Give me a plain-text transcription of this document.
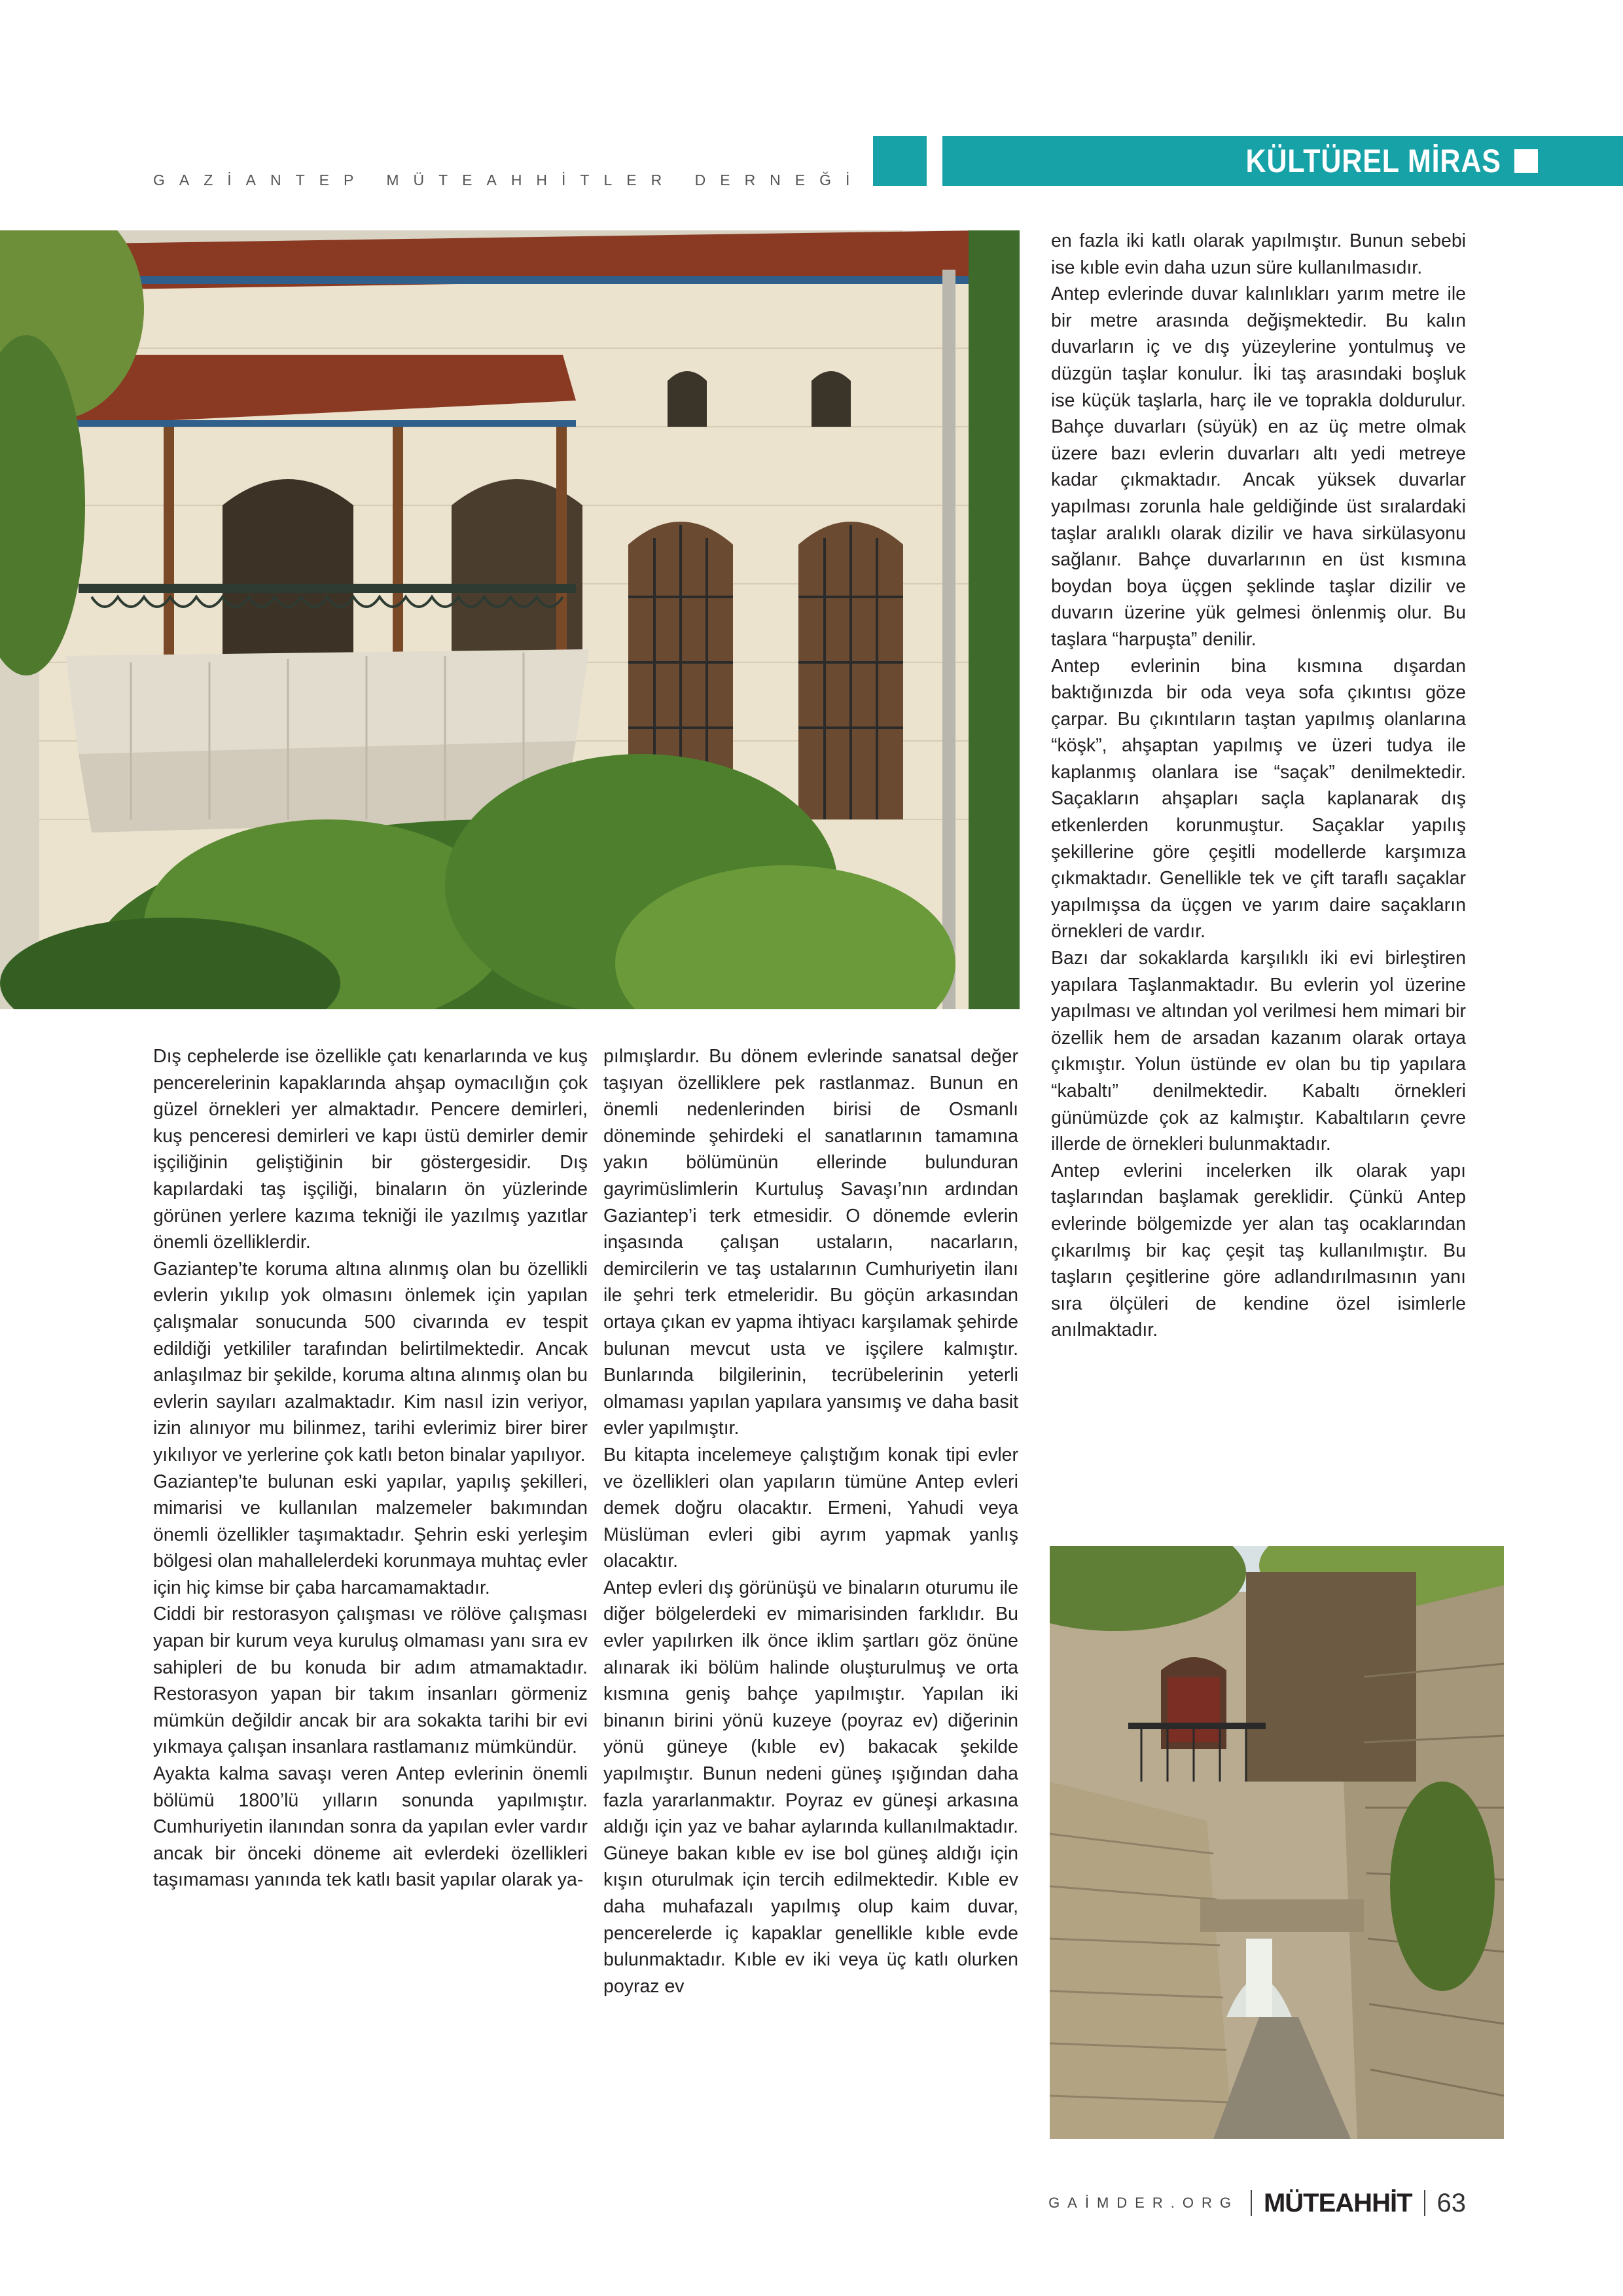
GAZİANTEP MÜTEAHHİTLER DERNEĞİ
KÜLTÜREL MİRAS

Dış cephelerde ise özellikle çatı kenarlarında ve kuş pencerelerinin kapaklarında ahşap oymacılığın çok güzel örnekleri yer almaktadır. Pencere demirleri, kuş penceresi demirleri ve kapı üstü demirler demir işçiliğinin geliştiğinin bir göstergesidir. Dış kapılardaki taş işçiliği, binaların ön yüzlerinde görünen yerlere kazıma tekniği ile yazılmış yazıtlar önemli özelliklerdir.

Gaziantep’te koruma altına alınmış olan bu özellikli evlerin yıkılıp yok olmasını önlemek için yapılan çalışmalar sonucunda 500 civarında ev tespit edildiği yetkililer tarafından belirtilmektedir. Ancak anlaşılmaz bir şekilde, koruma altına alınmış olan bu evlerin sayıları azalmaktadır. Kim nasıl izin veriyor, izin alınıyor mu bilinmez, tarihi evlerimiz birer birer yıkılıyor ve yerlerine çok katlı beton binalar yapılıyor.

Gaziantep’te bulunan eski yapılar, yapılış şekilleri, mimarisi ve kullanılan malzemeler bakımından önemli özellikler taşımaktadır. Şehrin eski yerleşim bölgesi olan mahallelerdeki korunmaya muhtaç evler için hiç kimse bir çaba harcamamaktadır.

Ciddi bir restorasyon çalışması ve rölöve çalışması yapan bir kurum veya kuruluş olmaması yanı sıra ev sahipleri de bu konuda bir adım atmamaktadır. Restorasyon yapan bir takım insanları görmeniz mümkün değildir ancak bir ara sokakta tarihi bir evi yıkmaya çalışan insanlara rastlamanız mümkündür.

Ayakta kalma savaşı veren Antep evlerinin önemli bölümü 1800’lü yılların sonunda yapılmıştır. Cumhuriyetin ilanından sonra da yapılan evler vardır ancak bir önceki döneme ait evlerdeki özellikleri taşımaması yanında tek katlı basit yapılar olarak ya-

pılmışlardır. Bu dönem evlerinde sanatsal değer taşıyan özelliklere pek rastlanmaz. Bunun en önemli nedenlerinden birisi de Osmanlı döneminde şehirdeki el sanatlarının tamamına yakın bölümünün ellerinde bulunduran gayrimüslimlerin Kurtuluş Savaşı’nın ardından Gaziantep’i terk etmesidir. O dönemde evlerin inşasında çalışan ustaların, nacarların, demircilerin ve taş ustalarının Cumhuriyetin ilanı ile şehri terk etmeleridir. Bu göçün arkasından ortaya çıkan ev yapma ihtiyacı karşılamak şehirde bulunan mevcut usta ve işçilere kalmıştır. Bunlarında bilgilerinin, tecrübelerinin yeterli olmaması yapılan yapılara yansımış ve daha basit evler yapılmıştır.

Bu kitapta incelemeye çalıştığım konak tipi evler ve özellikleri olan yapıların tümüne Antep evleri demek doğru olacaktır. Ermeni, Yahudi veya Müslüman evleri gibi ayrım yapmak yanlış olacaktır.

Antep evleri dış görünüşü ve binaların oturumu ile diğer bölgelerdeki ev mimarisinden farklıdır. Bu evler yapılırken ilk önce iklim şartları göz önüne alınarak iki bölüm halinde oluşturulmuş ve orta kısmına geniş bahçe yapılmıştır. Yapılan iki binanın birini yönü kuzeye (poyraz ev) diğerinin yönü güneye (kıble ev) bakacak şekilde yapılmıştır. Bunun nedeni güneş ışığından daha fazla yararlanmaktır. Poyraz ev güneşi arkasına aldığı için yaz ve bahar aylarında kullanılmaktadır. Güneye bakan kıble ev ise bol güneş aldığı için kışın oturulmak için tercih edilmektedir. Kıble ev daha muhafazalı yapılmış olup kaim duvar, pencerelerde iç kapaklar genellikle kıble evde bulunmaktadır. Kıble ev iki veya üç katlı olurken poyraz ev

en fazla iki katlı olarak yapılmıştır. Bunun sebebi ise kıble evin daha uzun süre kullanılmasıdır.

Antep evlerinde duvar kalınlıkları yarım metre ile bir metre arasında değişmektedir. Bu kalın duvarların iç ve dış yüzeylerine yontulmuş ve düzgün taşlar konulur. İki taş arasındaki boşluk ise küçük taşlarla, harç ile ve toprakla doldurulur. Bahçe duvarları (süyük) en az üç metre olmak üzere bazı evlerin duvarları altı yedi metreye kadar çıkmaktadır. Ancak yüksek duvarlar yapılması zorunla hale geldiğinde üst sıralardaki taşlar aralıklı olarak dizilir ve hava sirkülasyonu sağlanır. Bahçe duvarlarının en üst kısmına boydan boya üçgen şeklinde taşlar dizilir ve duvarın üzerine yük gelmesi önlenmiş olur. Bu taşlara “harpuşta” denilir.

Antep evlerinin bina kısmına dışardan baktığınızda bir oda veya sofa çıkıntısı göze çarpar. Bu çıkıntıların taştan yapılmış olanlarına “köşk”, ahşaptan yapılmış ve üzeri tudya ile kaplanmış olanlara ise “saçak” denilmektedir. Saçakların ahşapları saçla kaplanarak dış etkenlerden korunmuştur. Saçaklar yapılış şekillerine göre çeşitli modellerde karşımıza çıkmaktadır. Genellikle tek ve çift taraflı saçaklar yapılmışsa da üçgen ve yarım daire saçakların örnekleri de vardır.

Bazı dar sokaklarda karşılıklı iki evi birleştiren yapılara Taşlanmaktadır. Bu evlerin yol üzerine yapılması ve altından yol verilmesi hem mimari bir özellik hem de arsadan kazanım olarak ortaya çıkmıştır. Yolun üstünde ev olan bu tip yapılara “kabaltı” denilmektedir. Kabaltı örnekleri günümüzde çok az kalmıştır. Kabaltıların çevre illerde de örnekleri bulunmaktadır.

Antep evlerini incelerken ilk olarak yapı taşlarından başlamak gereklidir. Çünkü Antep evlerinde bölgemizde yer alan taş ocaklarından çıkarılmış bir kaç çeşit taş kullanılmıştır. Bu taşların çeşitlerine göre adlandırılmasının yanı sıra ölçüleri de kendine özel isimlerle anılmaktadır.

GAİMDER.ORG MÜTEAHHİT 63
